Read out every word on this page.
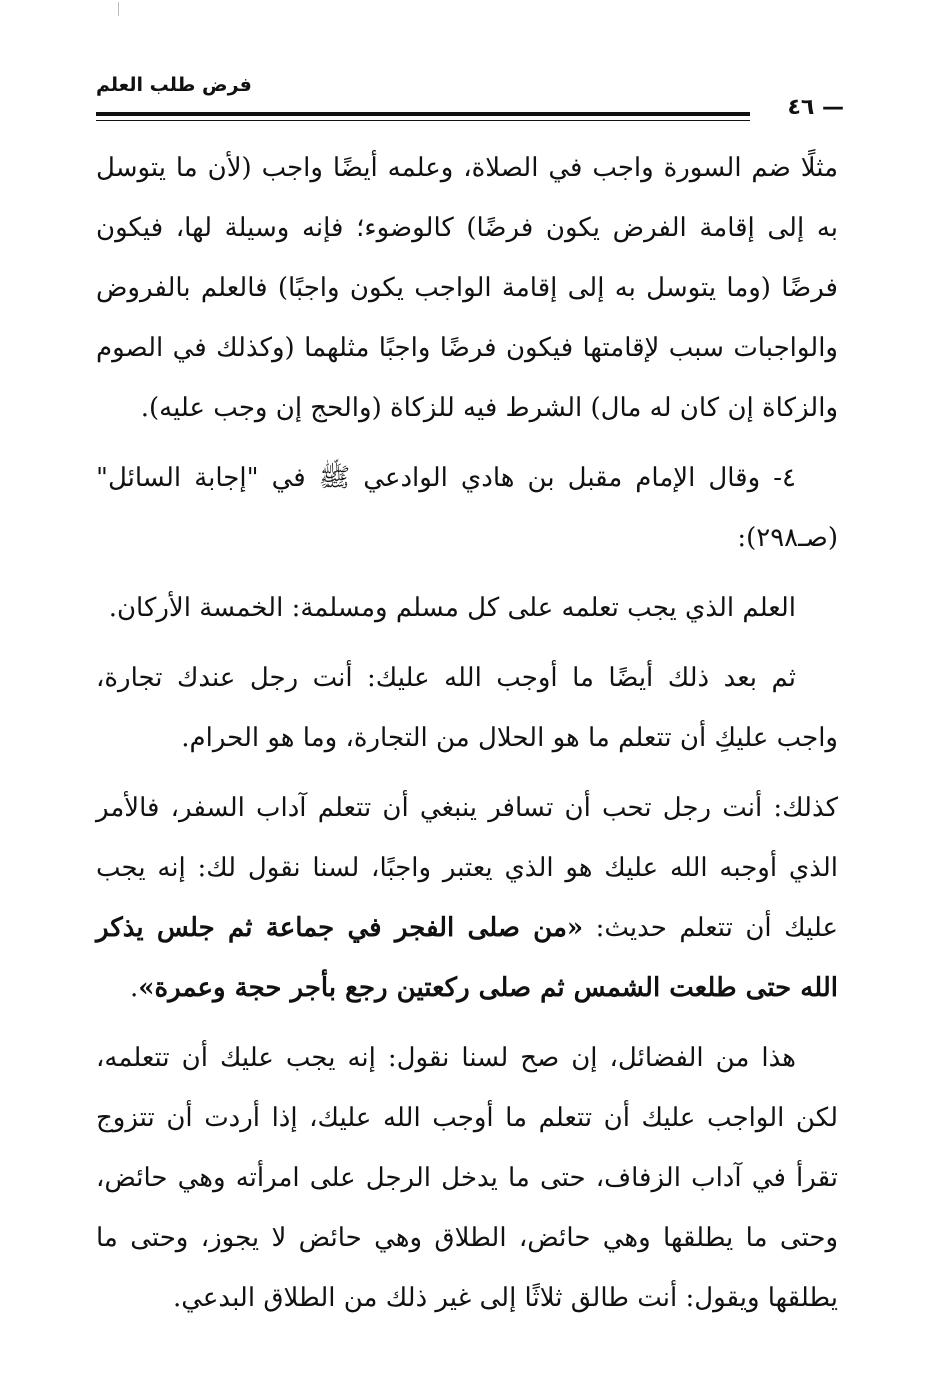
فرض طلب العلم
— ٤٦

مثلًا ضم السورة واجب في الصلاة، وعلمه أيضًا واجب (لأن ما يتوسل به إلى إقامة الفرض يكون فرضًا) كالوضوء؛ فإنه وسيلة لها، فيكون فرضًا (وما يتوسل به إلى إقامة الواجب يكون واجبًا) فالعلم بالفروض والواجبات سبب لإقامتها فيكون فرضًا واجبًا مثلهما (وكذلك في الصوم والزكاة إن كان له مال) الشرط فيه للزكاة (والحج إن وجب عليه).

٤- وقال الإمام مقبل بن هادي الوادعي ﷺ في "إجابة السائل" (صـ٢٩٨):

العلم الذي يجب تعلمه على كل مسلم ومسلمة: الخمسة الأركان.

ثم بعد ذلك أيضًا ما أوجب الله عليك: أنت رجل عندك تجارة، واجب عليكِ أن تتعلم ما هو الحلال من التجارة، وما هو الحرام.

كذلك: أنت رجل تحب أن تسافر ينبغي أن تتعلم آداب السفر، فالأمر الذي أوجبه الله عليك هو الذي يعتبر واجبًا، لسنا نقول لك: إنه يجب عليك أن تتعلم حديث: «من صلى الفجر في جماعة ثم جلس يذكر الله حتى طلعت الشمس ثم صلى ركعتين رجع بأجر حجة وعمرة».

هذا من الفضائل، إن صح لسنا نقول: إنه يجب عليك أن تتعلمه، لكن الواجب عليك أن تتعلم ما أوجب الله عليك، إذا أردت أن تتزوج تقرأ في آداب الزفاف، حتى ما يدخل الرجل على امرأته وهي حائض، وحتى ما يطلقها وهي حائض، الطلاق وهي حائض لا يجوز، وحتى ما يطلقها ويقول: أنت طالق ثلاثًا إلى غير ذلك من الطلاق البدعي.
